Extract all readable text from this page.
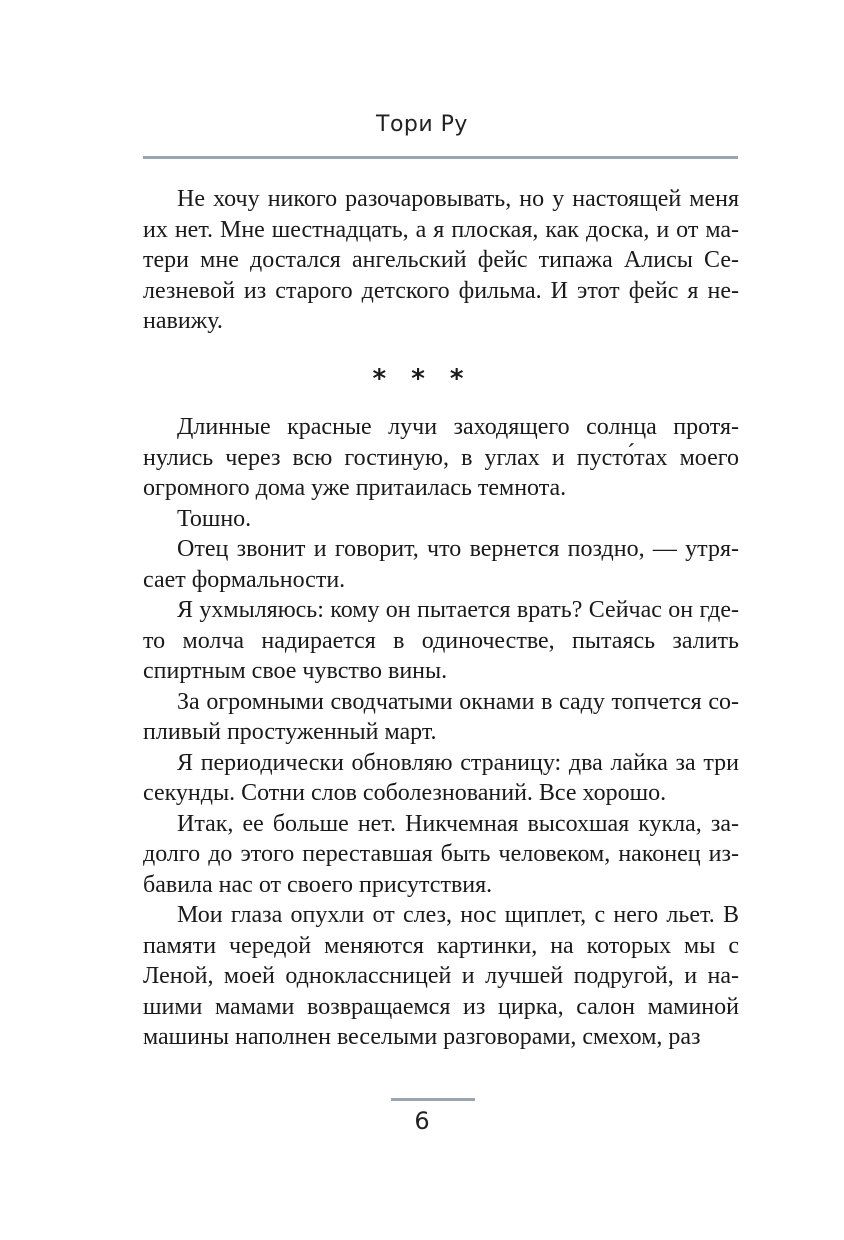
Тори Ру

Не хочу никого разочаровывать, но у настоящей меня их нет. Мне шестнадцать, а я плоская, как доска, и от матери мне достался ангельский фейс типажа Алисы Селезневой из старого детского фильма. И этот фейс я ненавижу.

* * *

Длинные красные лучи заходящего солнца протянулись через всю гостиную, в углах и пусто́тах моего огромного дома уже притаилась темнота.

Тошно.

Отец звонит и говорит, что вернется поздно, — утрясает формальности.

Я ухмыляюсь: кому он пытается врать? Сейчас он где-то молча надирается в одиночестве, пытаясь залить спиртным свое чувство вины.

За огромными сводчатыми окнами в саду топчется сопливый простуженный март.

Я периодически обновляю страницу: два лайка за три секунды. Сотни слов соболезнований. Все хорошо.

Итак, ее больше нет. Никчемная высохшая кукла, задолго до этого переставшая быть человеком, наконец избавила нас от своего присутствия.

Мои глаза опухли от слез, нос щиплет, с него льет. В памяти чередой меняются картинки, на которых мы с Леной, моей одноклассницей и лучшей подругой, и нашими мамами возвращаемся из цирка, салон маминой машины наполнен веселыми разговорами, смехом, раз

6
